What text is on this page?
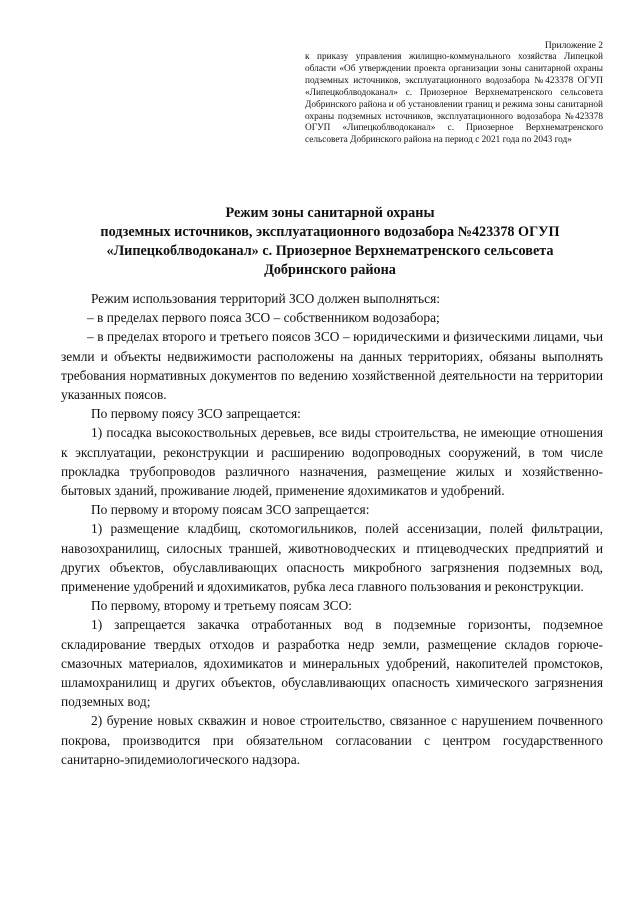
Приложение 2
к приказу управления жилищно-коммунального хозяйства Липецкой области «Об утверждении проекта организации зоны санитарной охраны подземных источников, эксплуатационного водозабора №423378 ОГУП «Липецкоблводоканал» с. Приозерное Верхнематренского сельсовета Добринского района и об установлении границ и режима зоны санитарной охраны подземных источников, эксплуатационного водозабора №423378 ОГУП «Липецкоблводоканал» с. Приозерное Верхнематренского сельсовета Добринского района на период с 2021 года по 2043 год»
Режим зоны санитарной охраны
подземных источников, эксплуатационного водозабора №423378 ОГУП
«Липецкоблводоканал» с. Приозерное Верхнематренского сельсовета
Добринского района

Режим использования территорий ЗСО должен выполняться:

– в пределах первого пояса ЗСО – собственником водозабора;

– в пределах второго и третьего поясов ЗСО – юридическими и физическими лицами, чьи земли и объекты недвижимости расположены на данных территориях, обязаны выполнять требования нормативных документов по ведению хозяйственной деятельности на территории указанных поясов.

По первому поясу ЗСО запрещается:

1) посадка высокоствольных деревьев, все виды строительства, не имеющие отношения к эксплуатации, реконструкции и расширению водопроводных сооружений, в том числе прокладка трубопроводов различного назначения, размещение жилых и хозяйственно-бытовых зданий, проживание людей, применение ядохимикатов и удобрений.

По первому и второму поясам ЗСО запрещается:

1) размещение кладбищ, скотомогильников, полей ассенизации, полей фильтрации, навозохранилищ, силосных траншей, животноводческих и птицеводческих предприятий и других объектов, обуславливающих опасность микробного загрязнения подземных вод, применение удобрений и ядохимикатов, рубка леса главного пользования и реконструкции.

По первому, второму и третьему поясам ЗСО:

1) запрещается закачка отработанных вод в подземные горизонты, подземное складирование твердых отходов и разработка недр земли, размещение складов горюче-смазочных материалов, ядохимикатов и минеральных удобрений, накопителей промстоков, шламохранилищ и других объектов, обуславливающих опасность химического загрязнения подземных вод;

2) бурение новых скважин и новое строительство, связанное с нарушением почвенного покрова, производится при обязательном согласовании с центром государственного санитарно-эпидемиологического надзора.
